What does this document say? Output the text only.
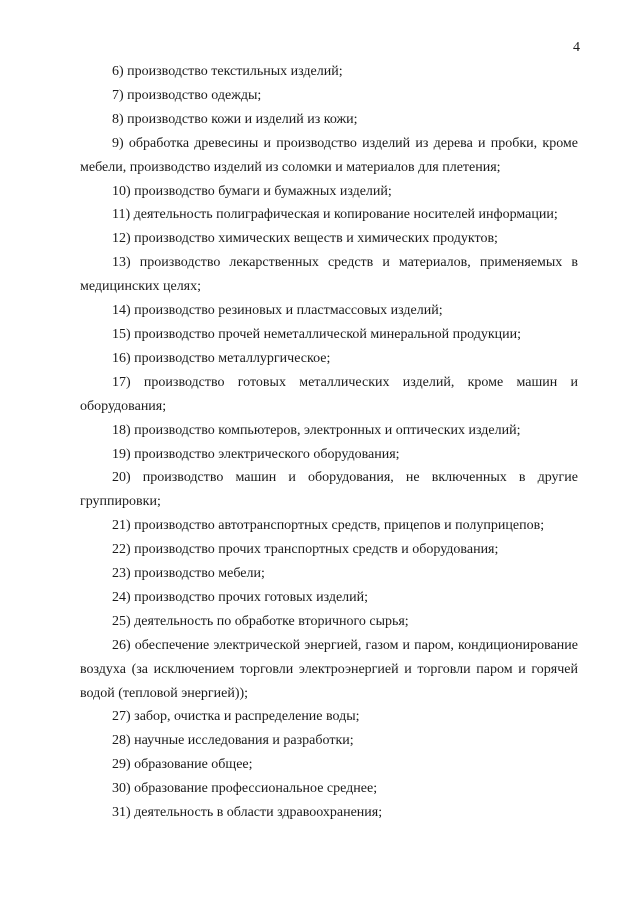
4

6) производство текстильных изделий;

7) производство одежды;

8) производство кожи и изделий из кожи;

9) обработка древесины и производство изделий из дерева и пробки, кроме мебели, производство изделий из соломки и материалов для плетения;

10) производство бумаги и бумажных изделий;

11) деятельность полиграфическая и копирование носителей информации;

12) производство химических веществ и химических продуктов;

13) производство лекарственных средств и материалов, применяемых в медицинских целях;

14) производство резиновых и пластмассовых изделий;

15) производство прочей неметаллической минеральной продукции;

16) производство металлургическое;

17) производство готовых металлических изделий, кроме машин и оборудования;

18) производство компьютеров, электронных и оптических изделий;

19) производство электрического оборудования;

20) производство машин и оборудования, не включенных в другие группировки;

21) производство автотранспортных средств, прицепов и полуприцепов;

22) производство прочих транспортных средств и оборудования;

23) производство мебели;

24) производство прочих готовых изделий;

25) деятельность по обработке вторичного сырья;

26) обеспечение электрической энергией, газом и паром, кондиционирование воздуха (за исключением торговли электроэнергией и торговли паром и горячей водой (тепловой энергией));

27) забор, очистка и распределение воды;

28) научные исследования и разработки;

29) образование общее;

30) образование профессиональное среднее;

31) деятельность в области здравоохранения;
